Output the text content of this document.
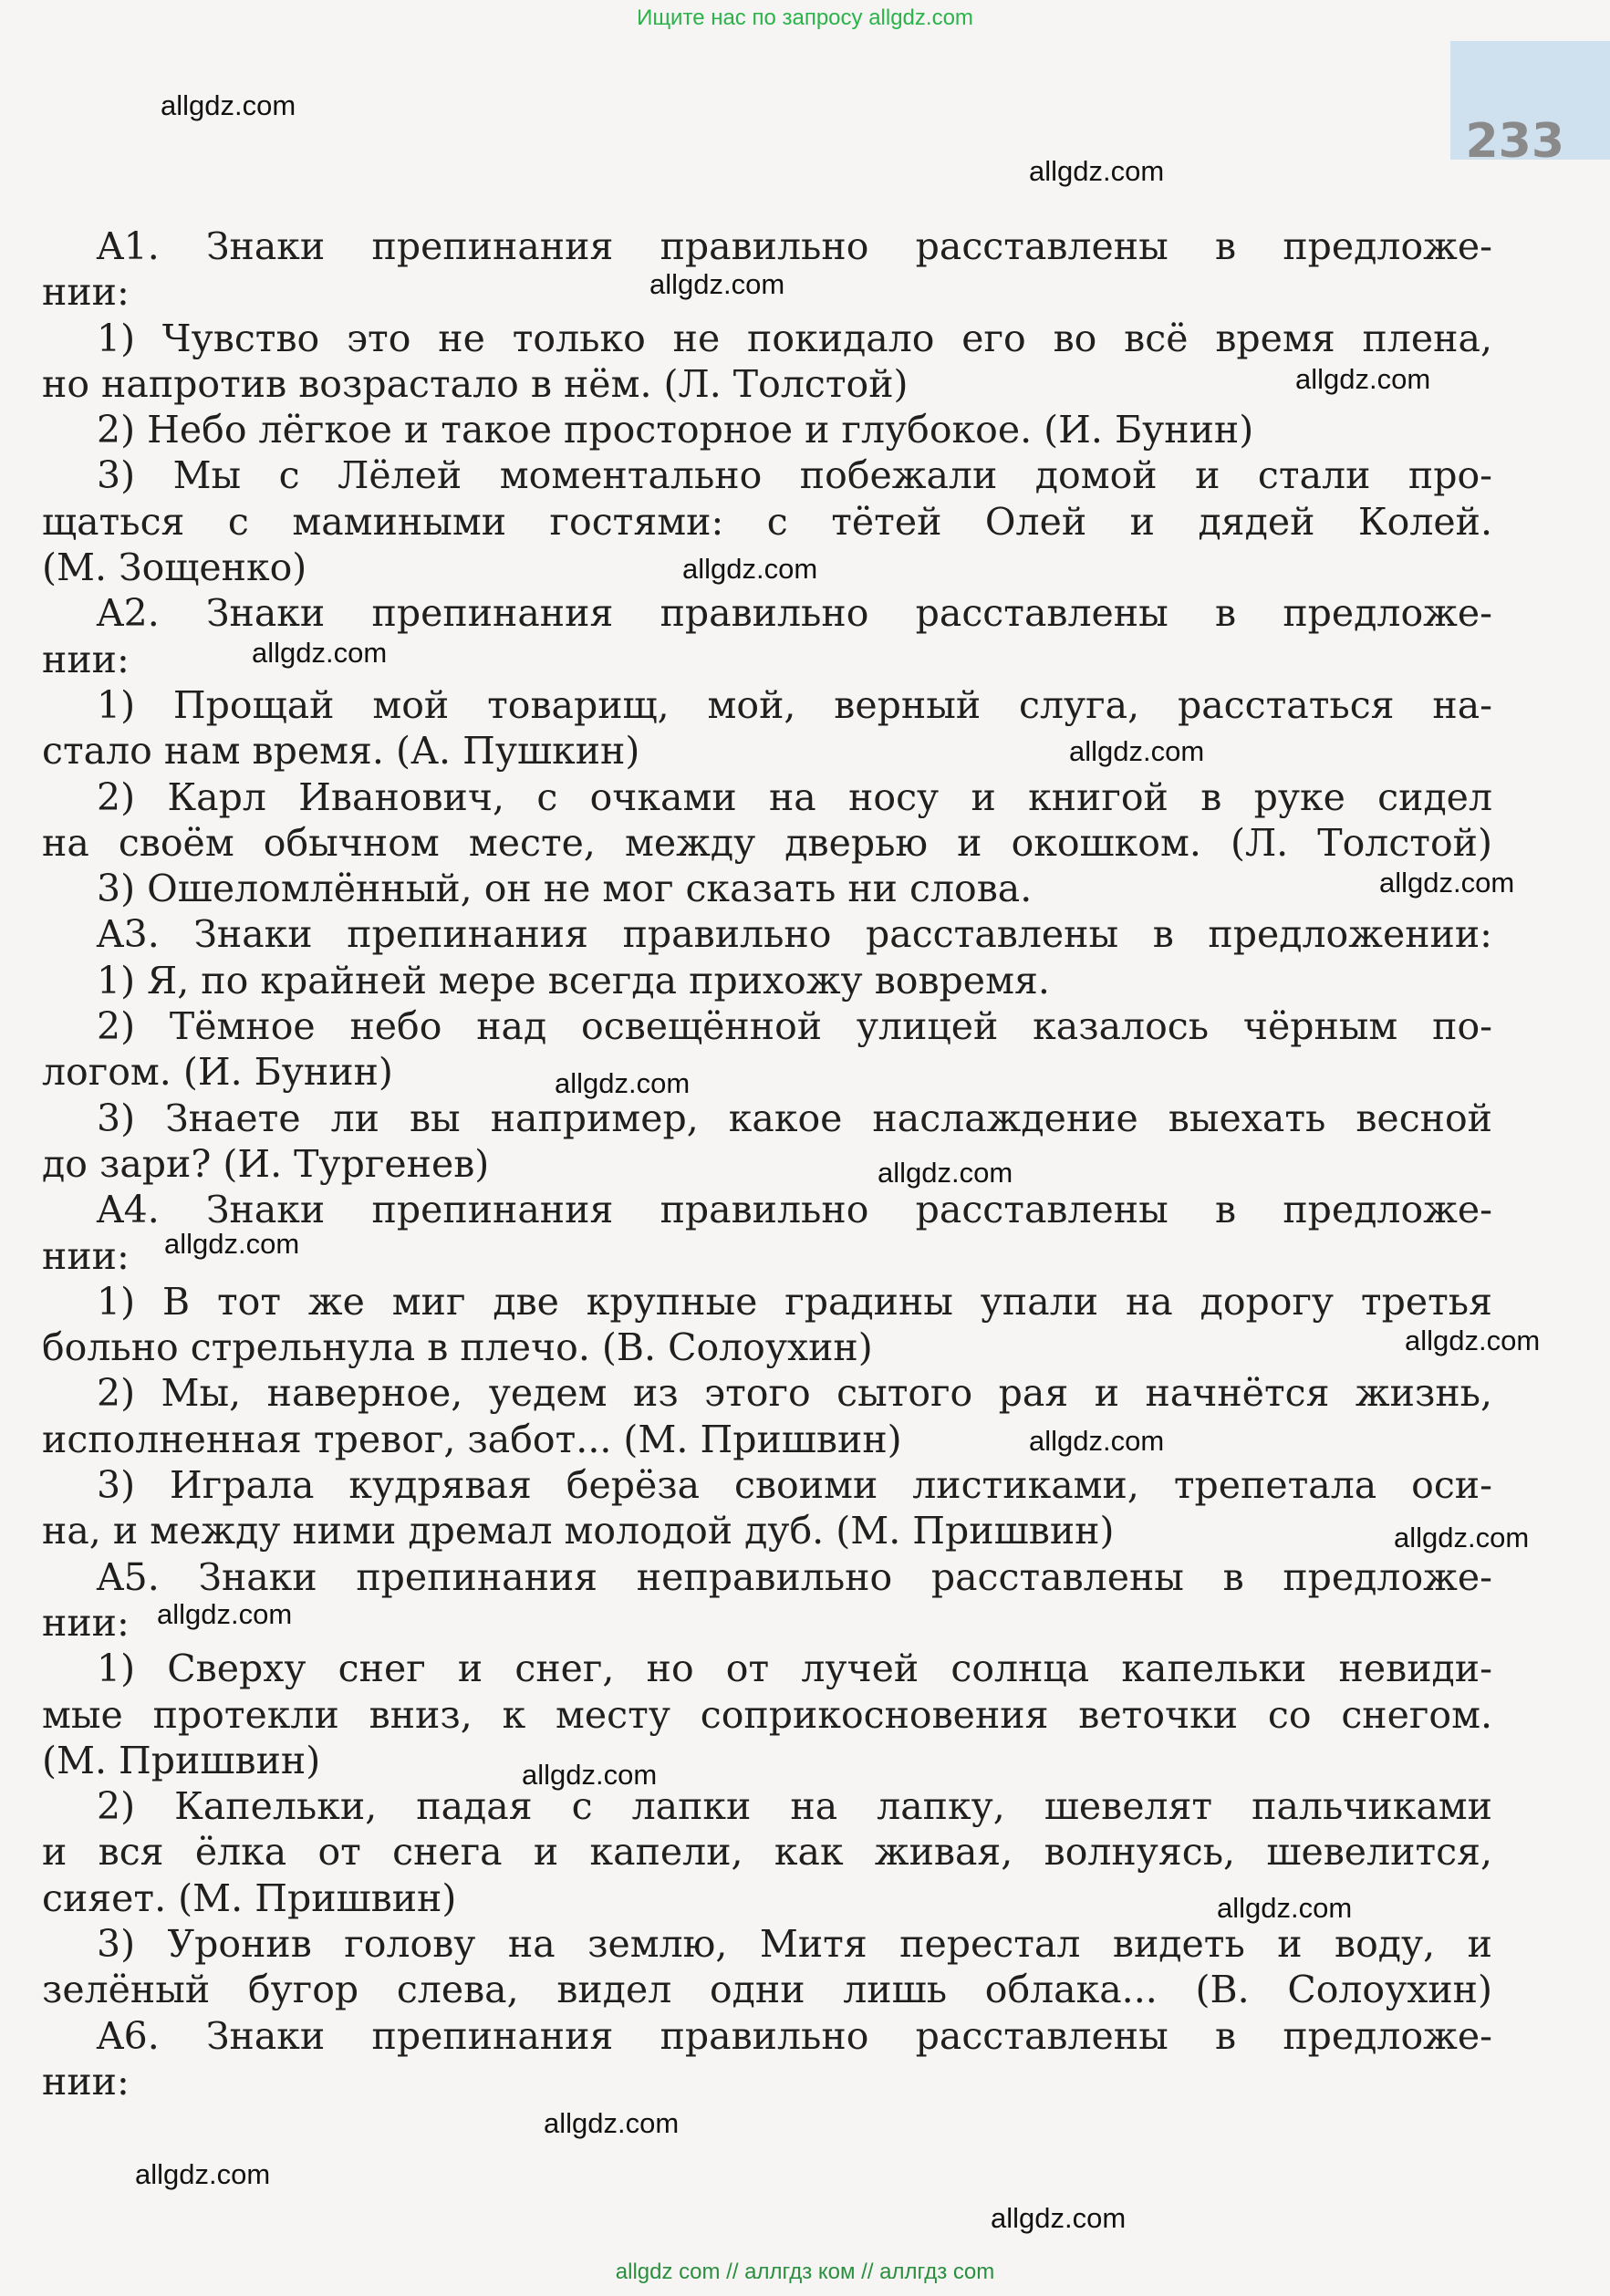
Ищите нас по запросу allgdz.com
233
allgdz.com
allgdz.com
allgdz.com
allgdz.com
allgdz.com
allgdz.com
allgdz.com
allgdz.com
allgdz.com
allgdz.com
allgdz.com
allgdz.com
allgdz.com
allgdz.com
allgdz.com
allgdz.com
allgdz.com
allgdz.com
allgdz.com
allgdz.com
A1. Знаки препинания правильно расставлены в предложе-
нии:
1) Чувство это не только не покидало его во всё время плена,
но напротив возрастало в нём. (Л. Толстой)
2) Небо лёгкое и такое просторное и глубокое. (И. Бунин)
3) Мы с Лёлей моментально побежали домой и стали про-
щаться с мамиными гостями: с тётей Олей и дядей Колей.
(М. Зощенко)
A2. Знаки препинания правильно расставлены в предложе-
нии:
1) Прощай мой товарищ, мой, верный слуга, расстаться на-
стало нам время. (А. Пушкин)
2) Карл Иванович, с очками на носу и книгой в руке сидел
на своём обычном месте, между дверью и окошком. (Л. Толстой)
3) Ошеломлённый, он не мог сказать ни слова.
A3. Знаки препинания правильно расставлены в предложении:
1) Я, по крайней мере всегда прихожу вовремя.
2) Тёмное небо над освещённой улицей казалось чёрным по-
логом. (И. Бунин)
3) Знаете ли вы например, какое наслаждение выехать весной
до зари? (И. Тургенев)
A4. Знаки препинания правильно расставлены в предложе-
нии:
1) В тот же миг две крупные градины упали на дорогу третья
больно стрельнула в плечо. (В. Солоухин)
2) Мы, наверное, уедем из этого сытого рая и начнётся жизнь,
исполненная тревог, забот... (М. Пришвин)
3) Играла кудрявая берёза своими листиками, трепетала оси-
на, и между ними дремал молодой дуб. (М. Пришвин)
A5. Знаки препинания неправильно расставлены в предложе-
нии:
1) Сверху снег и снег, но от лучей солнца капельки невиди-
мые протекли вниз, к месту соприкосновения веточки со снегом.
(М. Пришвин)
2) Капельки, падая с лапки на лапку, шевелят пальчиками
и вся ёлка от снега и капели, как живая, волнуясь, шевелится,
сияет. (М. Пришвин)
3) Уронив голову на землю, Митя перестал видеть и воду, и
зелёный бугор слева, видел одни лишь облака... (В. Солоухин)
A6. Знаки препинания правильно расставлены в предложе-
нии:
allgdz com // аллгдз ком // аллгдз com
